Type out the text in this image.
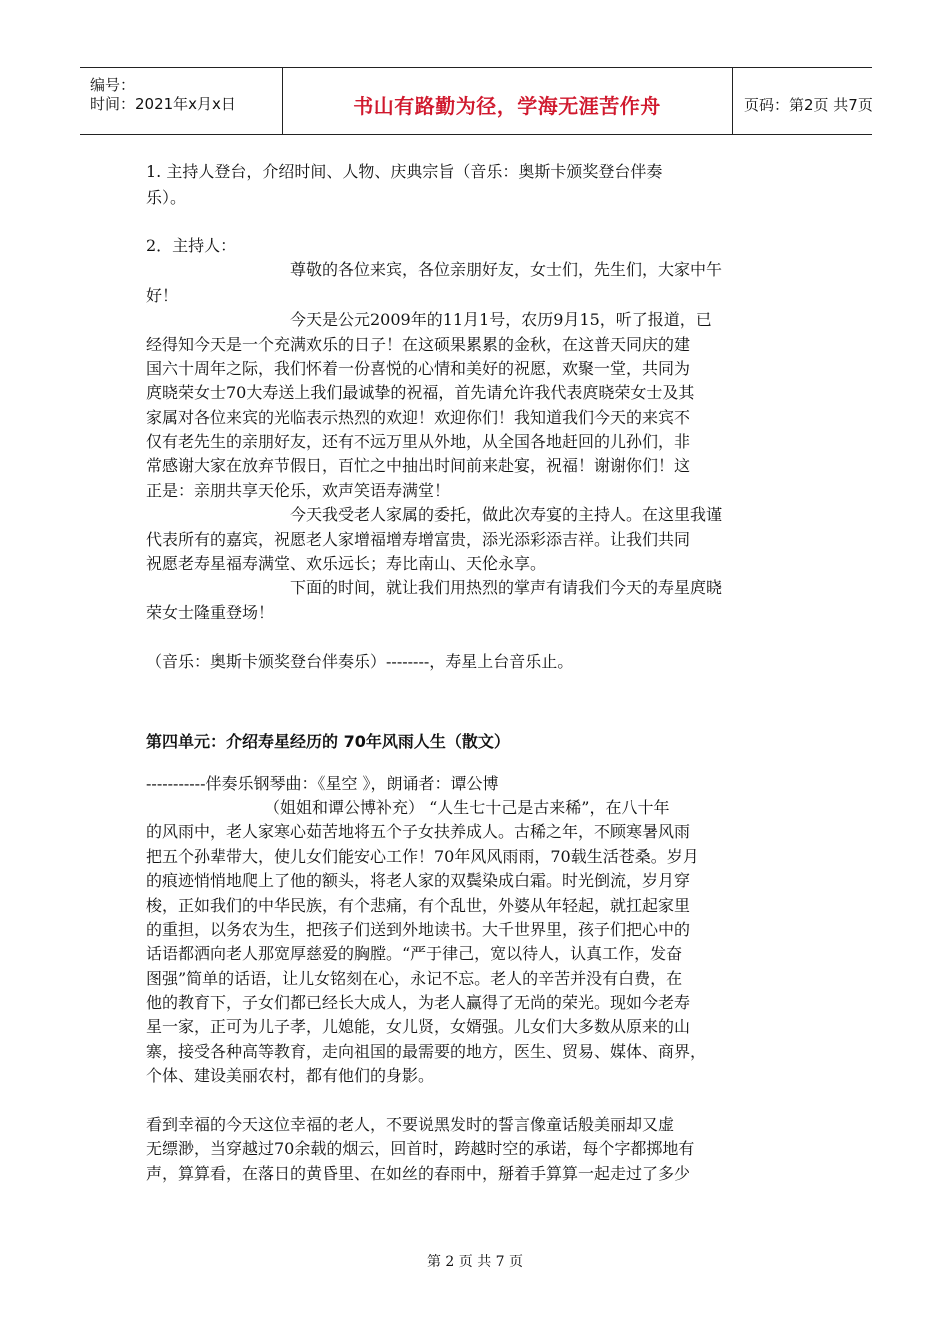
编号：
时间：2021年x月x日	书山有路勤为径，学海无涯苦作舟	页码：第2页 共7页
1. 主持人登台，介绍时间、人物、庆典宗旨（音乐：奥斯卡颁奖登台伴奏
乐）。
2．主持人：
尊敬的各位来宾，各位亲朋好友，女士们，先生们，大家中午
好！
今天是公元2009年的11月1号，农历9月15，听了报道，已
经得知今天是一个充满欢乐的日子！在这硕果累累的金秋，在这普天同庆的建
国六十周年之际，我们怀着一份喜悦的心情和美好的祝愿，欢聚一堂，共同为
庹晓荣女士70大寿送上我们最诚挚的祝福，首先请允许我代表庹晓荣女士及其
家属对各位来宾的光临表示热烈的欢迎！欢迎你们！我知道我们今天的来宾不
仅有老先生的亲朋好友，还有不远万里从外地，从全国各地赶回的儿孙们，非
常感谢大家在放弃节假日，百忙之中抽出时间前来赴宴，祝福！谢谢你们！这
正是：亲朋共享天伦乐，欢声笑语寿满堂！
今天我受老人家属的委托，做此次寿宴的主持人。在这里我谨
代表所有的嘉宾，祝愿老人家增福增寿增富贵，添光添彩添吉祥。让我们共同
祝愿老寿星福寿满堂、欢乐远长；寿比南山、天伦永享。
下面的时间，就让我们用热烈的掌声有请我们今天的寿星庹晓
荣女士隆重登场！
（音乐：奥斯卡颁奖登台伴奏乐）--------，寿星上台音乐止。
第四单元：介绍寿星经历的 70年风雨人生（散文）
-----------伴奏乐钢琴曲：《星空 》，朗诵者：谭公博
（姐姐和谭公博补充） “人生七十己是古来稀”，在八十年
的风雨中，老人家寒心茹苦地将五个子女扶养成人。古稀之年，不顾寒暑风雨
把五个孙辈带大，使儿女们能安心工作！70年风风雨雨，70载生活苍桑。岁月
的痕迹悄悄地爬上了他的额头，将老人家的双鬓染成白霜。时光倒流，岁月穿
梭，正如我们的中华民族，有个悲痛，有个乱世，外婆从年轻起，就扛起家里
的重担，以务农为生，把孩子们送到外地读书。大千世界里，孩子们把心中的
话语都洒向老人那宽厚慈爱的胸膛。“严于律己，宽以待人，认真工作，发奋
图强”简单的话语，让儿女铭刻在心，永记不忘。老人的辛苦并没有白费，在
他的教育下，子女们都已经长大成人，为老人赢得了无尚的荣光。现如今老寿
星一家，正可为儿子孝，儿媳能，女儿贤，女婿强。儿女们大多数从原来的山
寨，接受各种高等教育，走向祖国的最需要的地方，医生、贸易、媒体、商界，
个体、建设美丽农村，都有他们的身影。
看到幸福的今天这位幸福的老人，不要说黑发时的誓言像童话般美丽却又虚
无缥渺，当穿越过70余载的烟云，回首时，跨越时空的承诺，每个字都掷地有
声，算算看，在落日的黄昏里、在如丝的春雨中，掰着手算算一起走过了多少
第 2 页 共 7 页
